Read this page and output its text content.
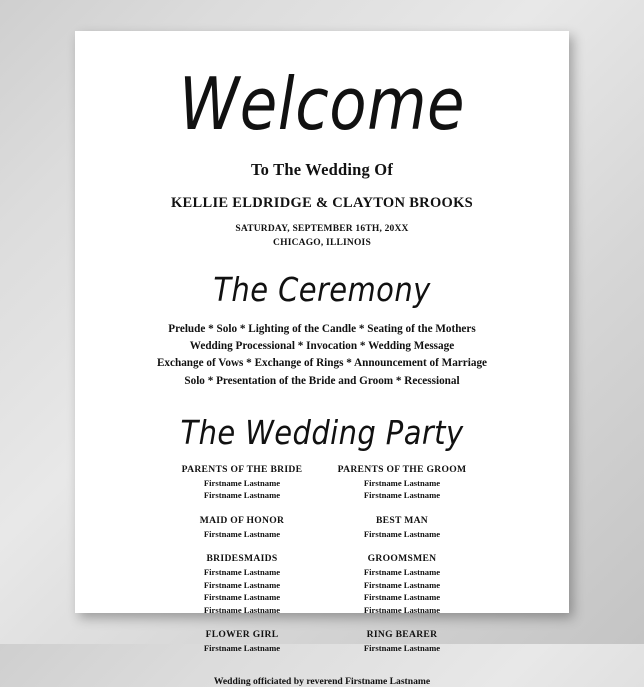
Welcome
To The Wedding Of
KELLIE ELDRIDGE & CLAYTON BROOKS
SATURDAY, SEPTEMBER 16TH, 20XX
CHICAGO, ILLINOIS
The Ceremony
Prelude * Solo * Lighting of the Candle * Seating of the Mothers
Wedding Processional * Invocation * Wedding Message
Exchange of Vows * Exchange of Rings * Announcement of Marriage
Solo * Presentation of the Bride and Groom * Recessional
The Wedding Party
PARENTS OF THE BRIDE
Firstname Lastname
Firstname Lastname
MAID OF HONOR
Firstname Lastname
BRIDESMAIDS
Firstname Lastname
Firstname Lastname
Firstname Lastname
Firstname Lastname
FLOWER GIRL
Firstname Lastname
PARENTS OF THE GROOM
Firstname Lastname
Firstname Lastname
BEST MAN
Firstname Lastname
GROOMSMEN
Firstname Lastname
Firstname Lastname
Firstname Lastname
Firstname Lastname
RING BEARER
Firstname Lastname
Wedding officiated by reverend Firstname Lastname
